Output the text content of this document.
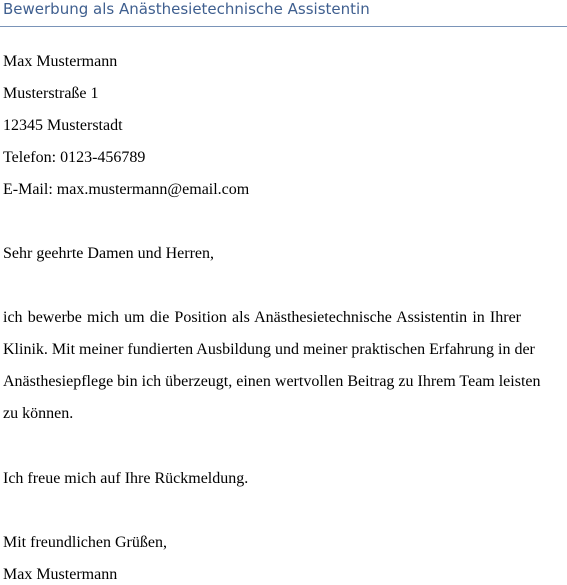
Bewerbung als Anästhesietechnische Assistentin
Max Mustermann
Musterstraße 1
12345 Musterstadt
Telefon: 0123-456789
E-Mail: max.mustermann@email.com
Sehr geehrte Damen und Herren,
ich bewerbe mich um die Position als Anästhesietechnische Assistentin in Ihrer
Klinik. Mit meiner fundierten Ausbildung und meiner praktischen Erfahrung in der
Anästhesiepflege bin ich überzeugt, einen wertvollen Beitrag zu Ihrem Team leisten
zu können.
Ich freue mich auf Ihre Rückmeldung.
Mit freundlichen Grüßen,
Max Mustermann
